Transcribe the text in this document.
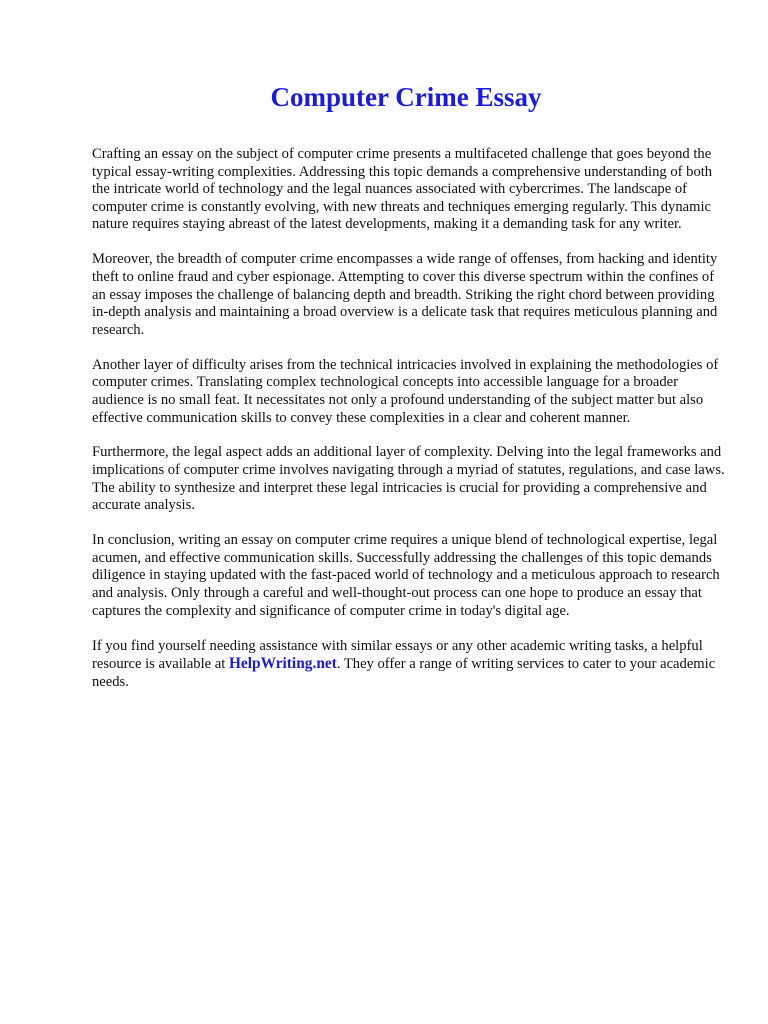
Computer Crime Essay

Crafting an essay on the subject of computer crime presents a multifaceted challenge that goes beyond the typical essay-writing complexities. Addressing this topic demands a comprehensive understanding of both the intricate world of technology and the legal nuances associated with cybercrimes. The landscape of computer crime is constantly evolving, with new threats and techniques emerging regularly. This dynamic nature requires staying abreast of the latest developments, making it a demanding task for any writer.

Moreover, the breadth of computer crime encompasses a wide range of offenses, from hacking and identity theft to online fraud and cyber espionage. Attempting to cover this diverse spectrum within the confines of an essay imposes the challenge of balancing depth and breadth. Striking the right chord between providing in-depth analysis and maintaining a broad overview is a delicate task that requires meticulous planning and research.

Another layer of difficulty arises from the technical intricacies involved in explaining the methodologies of computer crimes. Translating complex technological concepts into accessible language for a broader audience is no small feat. It necessitates not only a profound understanding of the subject matter but also effective communication skills to convey these complexities in a clear and coherent manner.

Furthermore, the legal aspect adds an additional layer of complexity. Delving into the legal frameworks and implications of computer crime involves navigating through a myriad of statutes, regulations, and case laws. The ability to synthesize and interpret these legal intricacies is crucial for providing a comprehensive and accurate analysis.

In conclusion, writing an essay on computer crime requires a unique blend of technological expertise, legal acumen, and effective communication skills. Successfully addressing the challenges of this topic demands diligence in staying updated with the fast-paced world of technology and a meticulous approach to research and analysis. Only through a careful and well-thought-out process can one hope to produce an essay that captures the complexity and significance of computer crime in today's digital age.

If you find yourself needing assistance with similar essays or any other academic writing tasks, a helpful resource is available at HelpWriting.net. They offer a range of writing services to cater to your academic needs.
